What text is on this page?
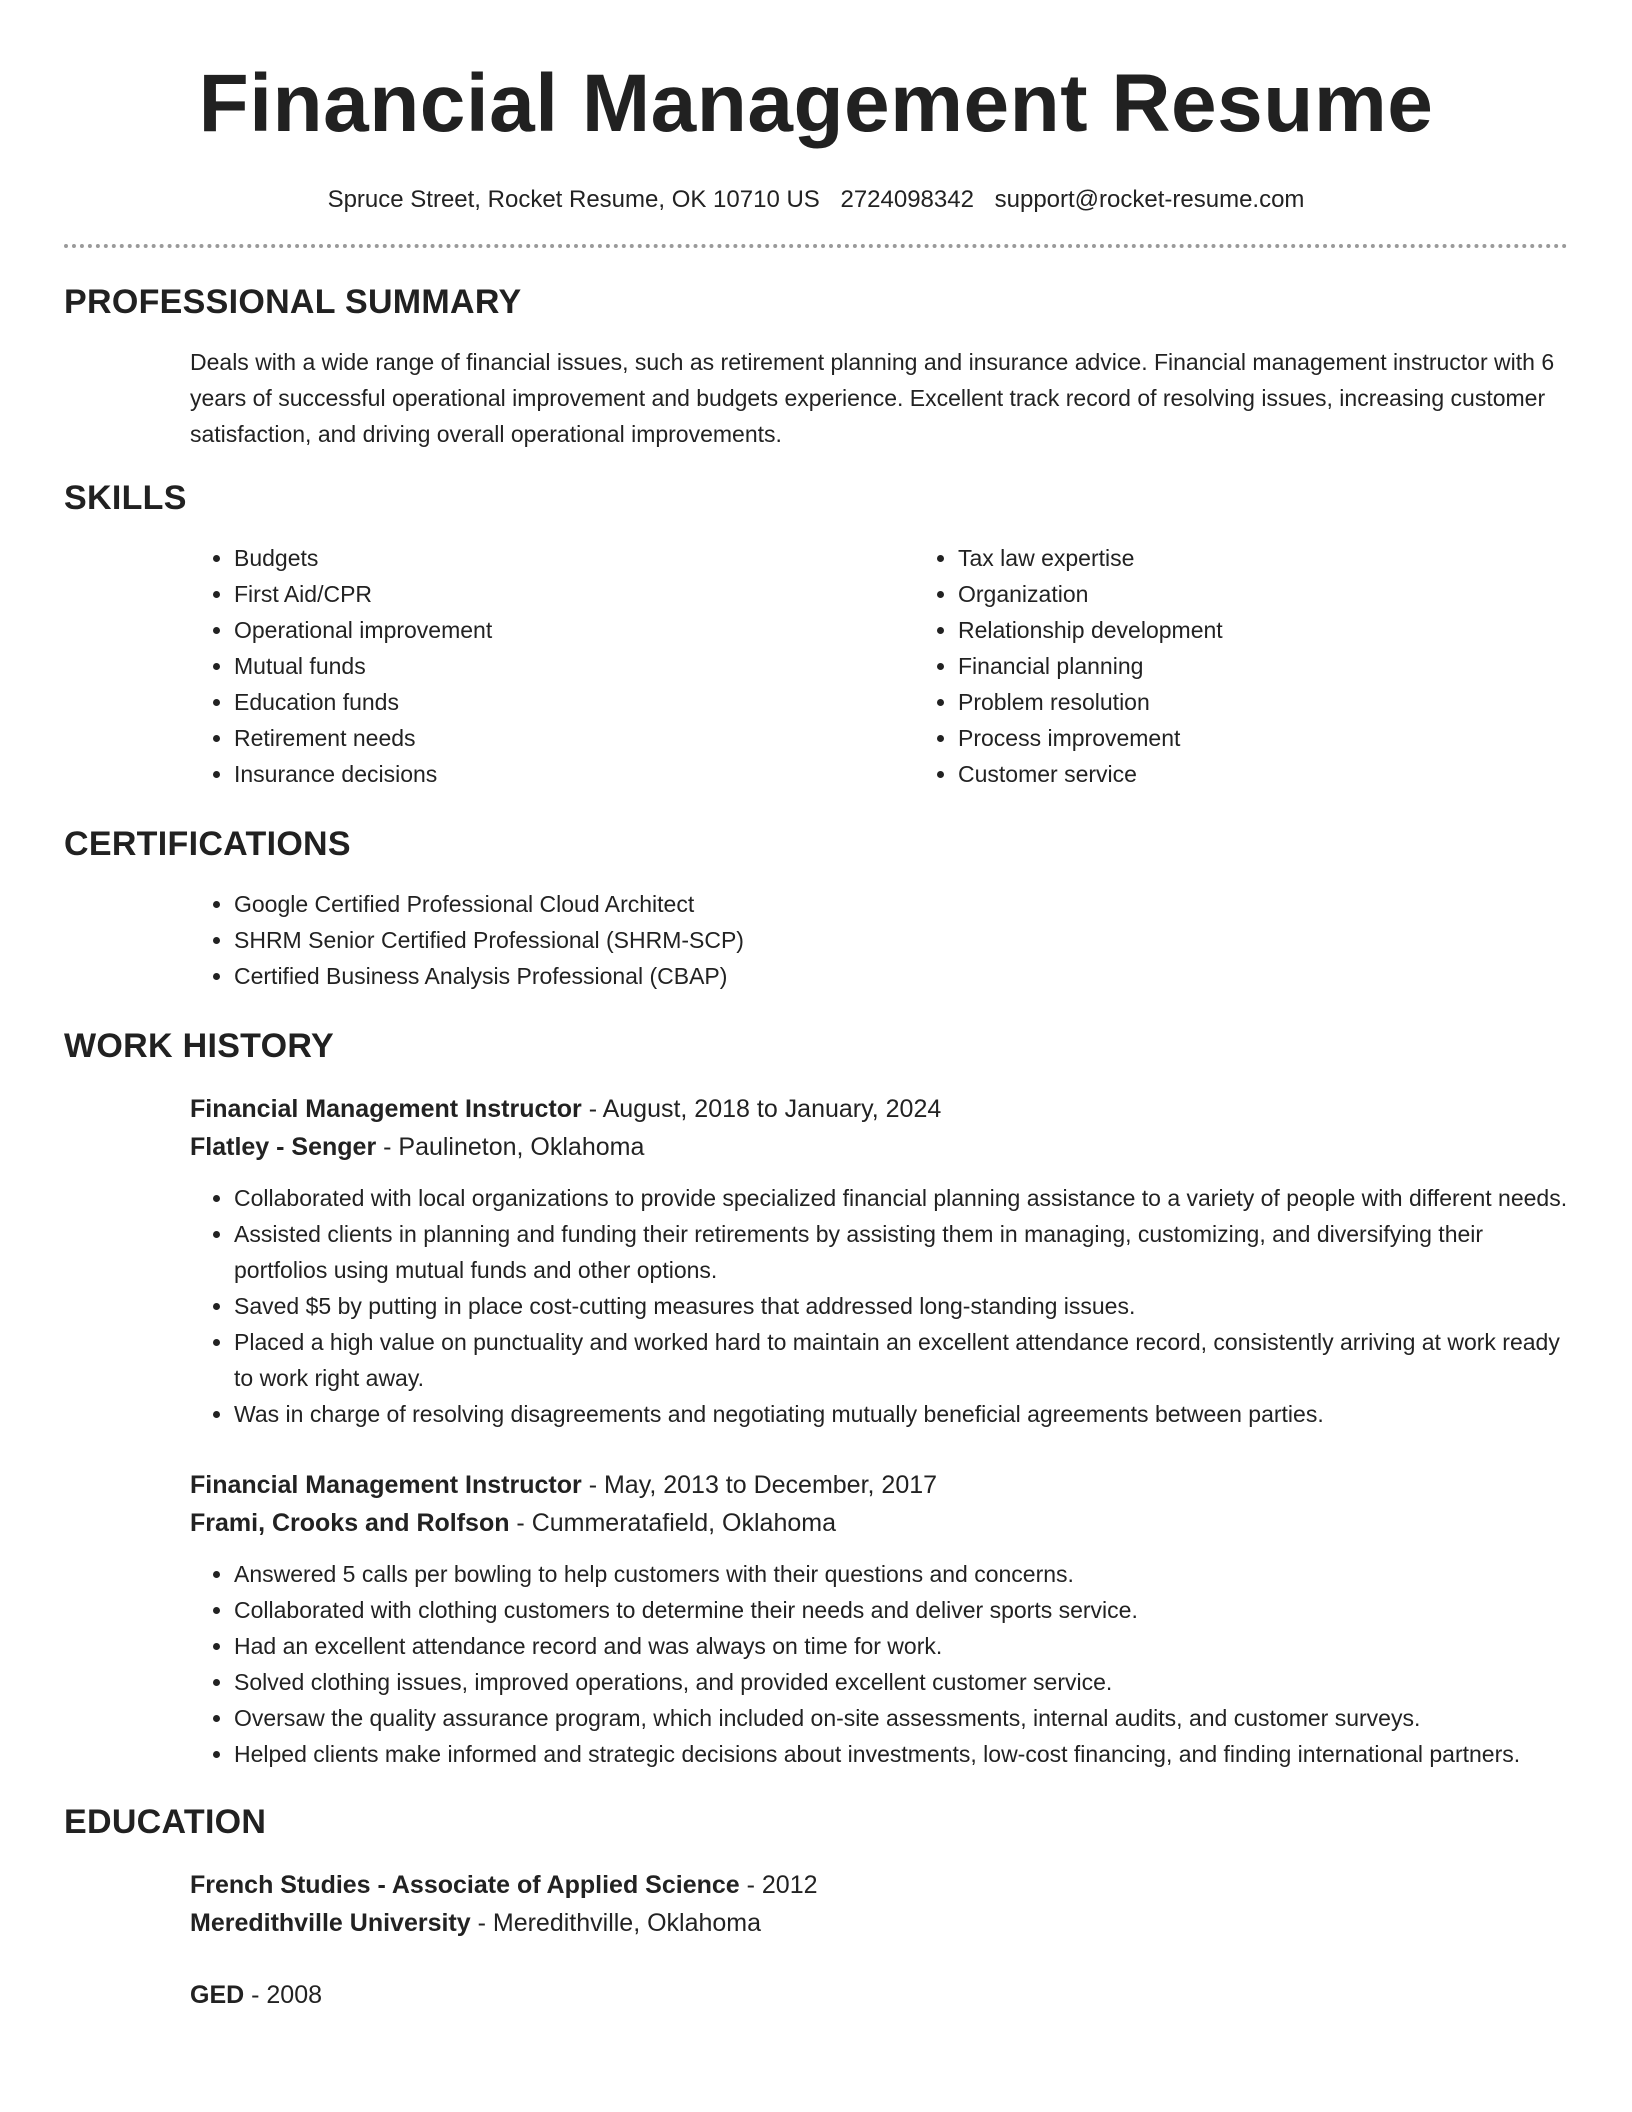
Financial Management Resume
Spruce Street, Rocket Resume, OK 10710 US 2724098342 support@rocket-resume.com
PROFESSIONAL SUMMARY

Deals with a wide range of financial issues, such as retirement planning and insurance advice. Financial management instructor with 6 years of successful operational improvement and budgets experience. Excellent track record of resolving issues, increasing customer satisfaction, and driving overall operational improvements.

SKILLS
• Budgets
• First Aid/CPR
• Operational improvement
• Mutual funds
• Education funds
• Retirement needs
• Insurance decisions
• Tax law expertise
• Organization
• Relationship development
• Financial planning
• Problem resolution
• Process improvement
• Customer service
CERTIFICATIONS
• Google Certified Professional Cloud Architect
• SHRM Senior Certified Professional (SHRM-SCP)
• Certified Business Analysis Professional (CBAP)
WORK HISTORY
Financial Management Instructor - August, 2018 to January, 2024
Flatley - Senger - Paulineton, Oklahoma
• Collaborated with local organizations to provide specialized financial planning assistance to a variety of people with different needs.
• Assisted clients in planning and funding their retirements by assisting them in managing, customizing, and diversifying their portfolios using mutual funds and other options.
• Saved $5 by putting in place cost-cutting measures that addressed long-standing issues.
• Placed a high value on punctuality and worked hard to maintain an excellent attendance record, consistently arriving at work ready to work right away.
• Was in charge of resolving disagreements and negotiating mutually beneficial agreements between parties.
Financial Management Instructor - May, 2013 to December, 2017
Frami, Crooks and Rolfson - Cummeratafield, Oklahoma
• Answered 5 calls per bowling to help customers with their questions and concerns.
• Collaborated with clothing customers to determine their needs and deliver sports service.
• Had an excellent attendance record and was always on time for work.
• Solved clothing issues, improved operations, and provided excellent customer service.
• Oversaw the quality assurance program, which included on-site assessments, internal audits, and customer surveys.
• Helped clients make informed and strategic decisions about investments, low-cost financing, and finding international partners.
EDUCATION
French Studies - Associate of Applied Science - 2012
Meredithville University - Meredithville, Oklahoma
GED - 2008
